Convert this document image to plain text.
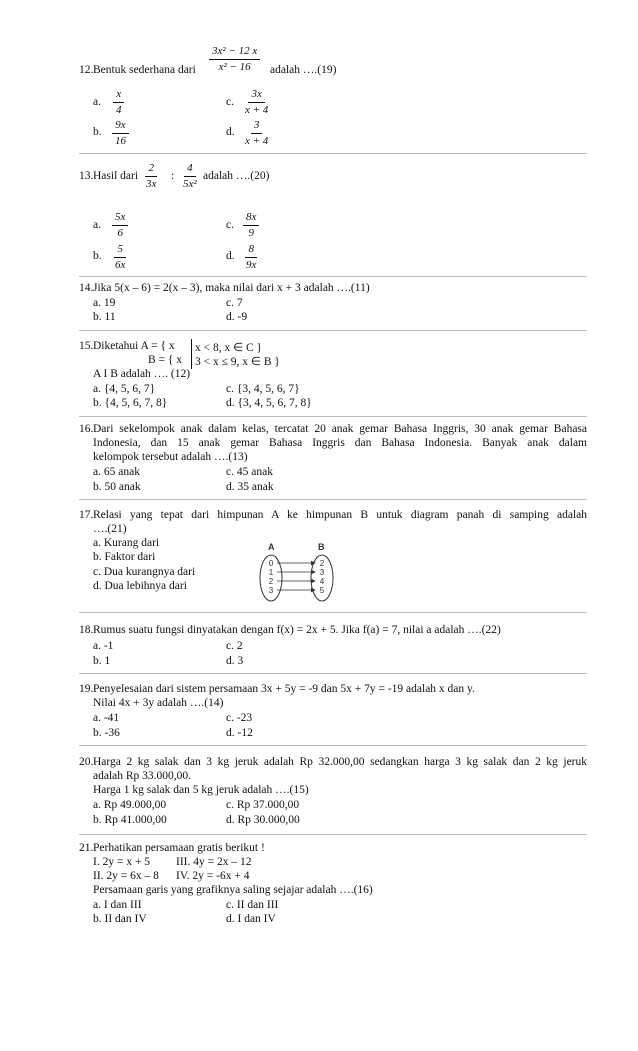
12. Bentuk sederhana dari $\frac{\text{3x² − 12 x}}{\text{x² − 16}}$ adalah ….(19)
a. $\frac{x}{4}$
b. $\frac{9x}{16}$
c. $\frac{3x}{x + 4}$
d. $\frac{3}{x + 4}$
13. Hasil dari $\frac{2}{3x}$ : $\frac{4}{\text{5x²}}$ adalah ….(20)
a. $\frac{5x}{6}$
b. $\frac{5}{6x}$
c. $\frac{8x}{9}$
d. $\frac{8}{9x}$
14. Jika 5(x – 6) = 2(x – 3), maka nilai dari x + 3 adalah ….(11)
a. 19
b. 11
c. 7
d. -9
15. Diketahui A = { x x < 8, x ∈ C }
B = { x 3 < x ≤ 9, x ∈ B }
A I B adalah …. (12)
a. {4, 5, 6, 7}
b. {4, 5, 6, 7, 8}
c. {3, 4, 5, 6, 7}
d. {3, 4, 5, 6, 7, 8}
16. Dari sekelompok anak dalam kelas, tercatat 20 anak gemar Bahasa Inggris, 30 anak gemar Bahasa
Indonesia, dan 15 anak gemar Bahasa Inggris dan Bahasa Indonesia. Banyak anak dalam
kelompok tersebut adalah ….(13)
a. 65 anak
b. 50 anak
c. 45 anak
d. 35 anak
17. Relasi yang tepat dari himpunan A ke himpunan B untuk diagram panah di samping adalah
….(21)
a. Kurang dari
b. Faktor dari
c. Dua kurangnya dari
d. Dua lebihnya dari
A	B
0
1
2
3
2
3
4
5
18. Rumus suatu fungsi dinyatakan dengan f(x) = 2x + 5. Jika f(a) = 7, nilai a adalah ….(22)
a. -1
b. 1
c. 2
d. 3
19. Penyelesaian dari sistem persamaan 3x + 5y = -9 dan 5x + 7y = -19 adalah x dan y.
Nilai 4x + 3y adalah ….(14)
a. -41
b. -36
c. -23
d. -12
20. Harga 2 kg salak dan 3 kg jeruk adalah Rp 32.000,00 sedangkan harga 3 kg salak dan 2 kg jeruk
adalah Rp 33.000,00.
Harga 1 kg salak dan 5 kg jeruk adalah ….(15)
a. Rp 49.000,00
b. Rp 41.000,00
c. Rp 37.000,00
d. Rp 30.000,00
21. Perhatikan persamaan gratis berikut !
I. 2y = x + 5 III. 4y = 2x – 12
II. 2y = 6x – 8 IV. 2y = -6x + 4
Persamaan garis yang grafiknya saling sejajar adalah ….(16)
a. I dan III
b. II dan IV
c. II dan III
d. I dan IV
